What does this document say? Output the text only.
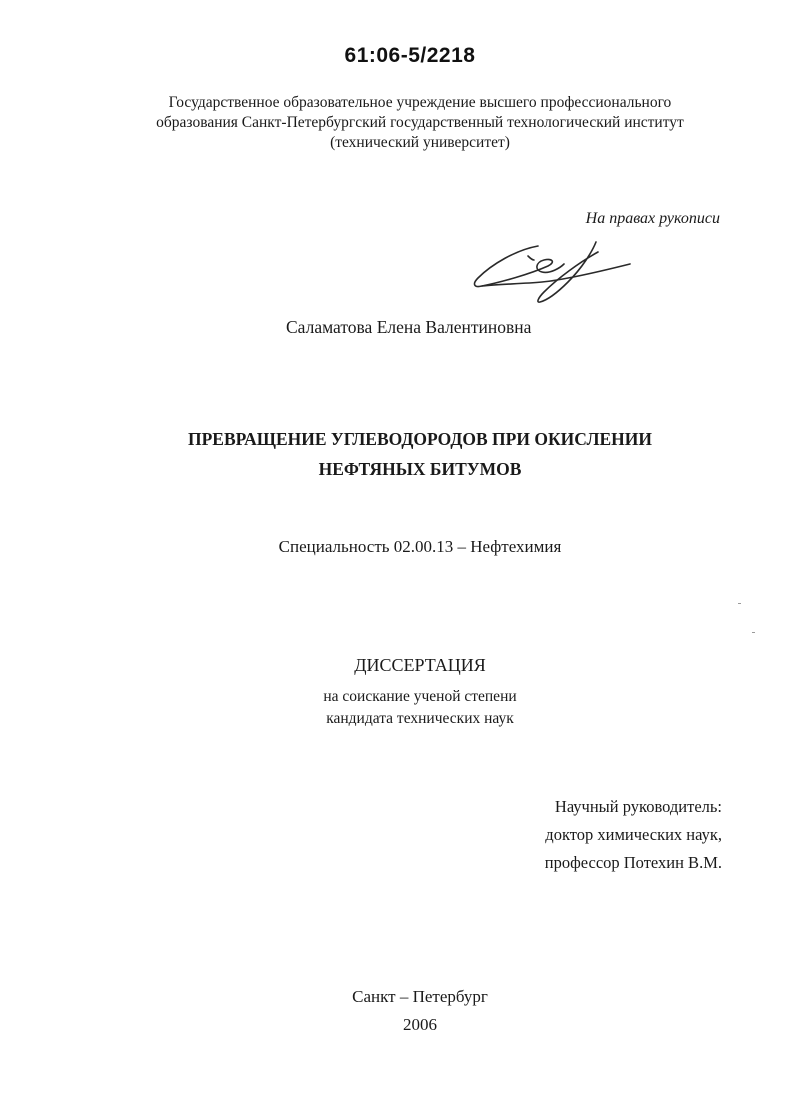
61:06-5/2218
Государственное образовательное учреждение высшего профессионального
образования Санкт-Петербургский государственный технологический институт
(технический университет)
На правах рукописи
Саламатова Елена Валентиновна
ПРЕВРАЩЕНИЕ УГЛЕВОДОРОДОВ ПРИ ОКИСЛЕНИИ
НЕФТЯНЫХ БИТУМОВ
Специальность 02.00.13 – Нефтехимия
ДИССЕРТАЦИЯ
на соискание ученой степени
кандидата технических наук
Научный руководитель:
доктор химических наук,
профессор Потехин В.М.
Санкт – Петербург
2006
